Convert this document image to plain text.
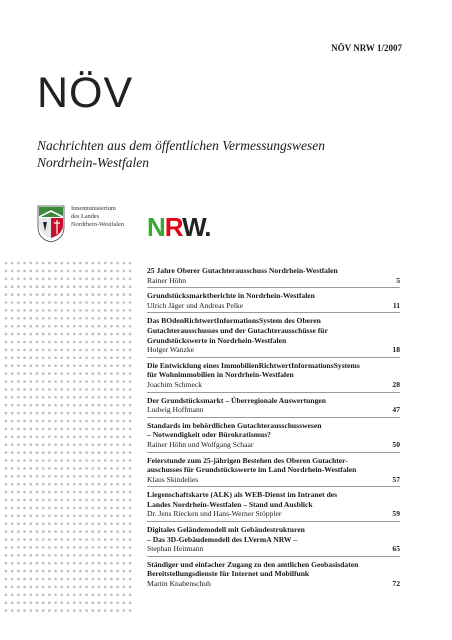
NÖV NRW 1/2007
NÖV
Nachrichten aus dem öffentlichen Vermessungswesen
Nordrhein-Westfalen
Innenministerium
des Landes
Nordrhein-Westfalen NRW.
25 Jahre Oberer Gutachterausschuss Nordrhein-Westfalen
Rainer Höhn	5
Grundstücksmarktberichte in Nordrhein-Westfalen
Ulrich Jäger und Andreas Pelke	11
Das BOdenRichtwertInformationsSystem des Oberen
Gutachterausschusses und der Gutachterausschüsse für
Grundstückswerte in Nordrhein-Westfalen
Holger Wanzke	18
Die Entwicklung eines ImmobilienRichtwertInformationsSystems
für Wohnimmobilien in Nordrhein-Westfalen
Joachim Schmeck	28
Der Grundstücksmarkt – Überregionale Auswertungen
Ludwig Hoffmann	47
Standards im behördlichen Gutachterausschusswesen
– Notwendigkeit oder Bürokratismus?
Rainer Höhn und Wolfgang Schaar	50
Feierstunde zum 25-jährigen Bestehen des Oberen Gutachter-
auschusses für Grundstückswerte im Land Nordrhein-Westfalen
Klaus Skindelies	57
Liegenschaftskarte (ALK) als WEB-Dienst im Intranet des
Landes Nordrhein-Westfalen – Stand und Ausblick
Dr. Jens Riecken und Hans-Werner Stöppler	59
Digitales Geländemodell mit Gebäudestrukturen
– Das 3D-Gebäudemodell des LVermA NRW –
Stephan Heitmann	65
Ständiger und einfacher Zugang zu den amtlichen Geobasisdaten
Bereitstellungsdienste für Internet und Mobilfunk
Martin Knabenschuh	72
